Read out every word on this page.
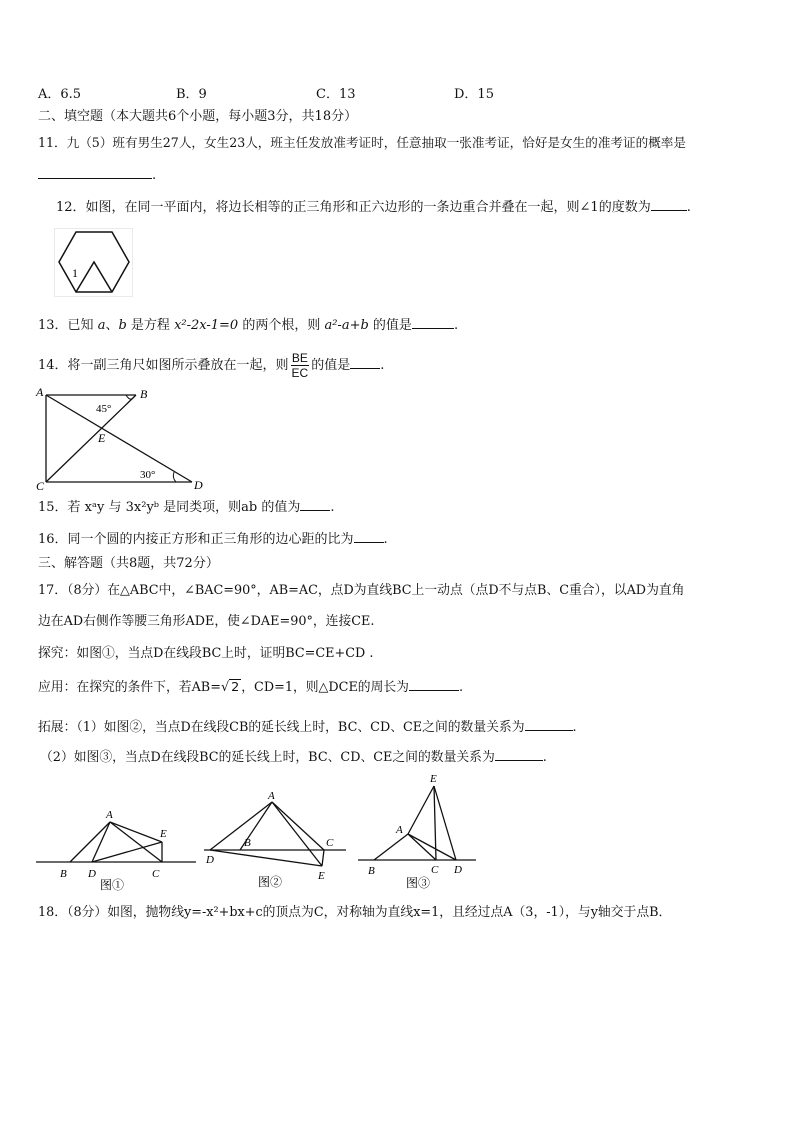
A．6.5	B．9	C．13	D．15
二、填空题（本大题共6个小题，每小题3分，共18分）
11．九（5）班有男生27人，女生23人，班主任发放准考证时，任意抽取一张准考证，恰好是女生的准考证的概率是
.
12．如图，在同一平面内，将边长相等的正三角形和正六边形的一条边重合并叠在一起，则∠1的度数为	.
1
13．已知 a、b 是方程 x²-2x-1=0 的两个根，则 a²-a+b 的值是	.
14．将一副三角尺如图所示叠放在一起，则 $\frac{BE}{EC}$ 的值是 .
A	B
C	D
E
45°
30°
15．若 xᵃy 与 3x²yᵇ 是同类项，则ab 的值为 .
16．同一个圆的内接正方形和正三角形的边心距的比为 .
三、解答题（共8题，共72分）
17．（8分）在△ABC中，∠BAC=90°，AB=AC，点D为直线BC上一动点（点D不与点B、C重合），以AD为直角
边在AD右侧作等腰三角形ADE，使∠DAE=90°，连接CE.
探究：如图①，当点D在线段BC上时，证明BC=CE+CD .
应用：在探究的条件下，若AB=√ 2 ，CD=1，则△DCE的周长为	.
拓展：（1）如图②，当点D在线段CB的延长线上时，BC、CD、CE之间的数量关系为	.
（2）如图③，当点D在线段BC的延长线上时，BC、CD、CE之间的数量关系为	.
A
B	C
D
E
图①
A
B	C
D
E
图②
E
A
B	C D
图③
18．（8分）如图，抛物线y=-x²+bx+c的顶点为C，对称轴为直线x=1，且经过点A（3，-1），与y轴交于点B．
